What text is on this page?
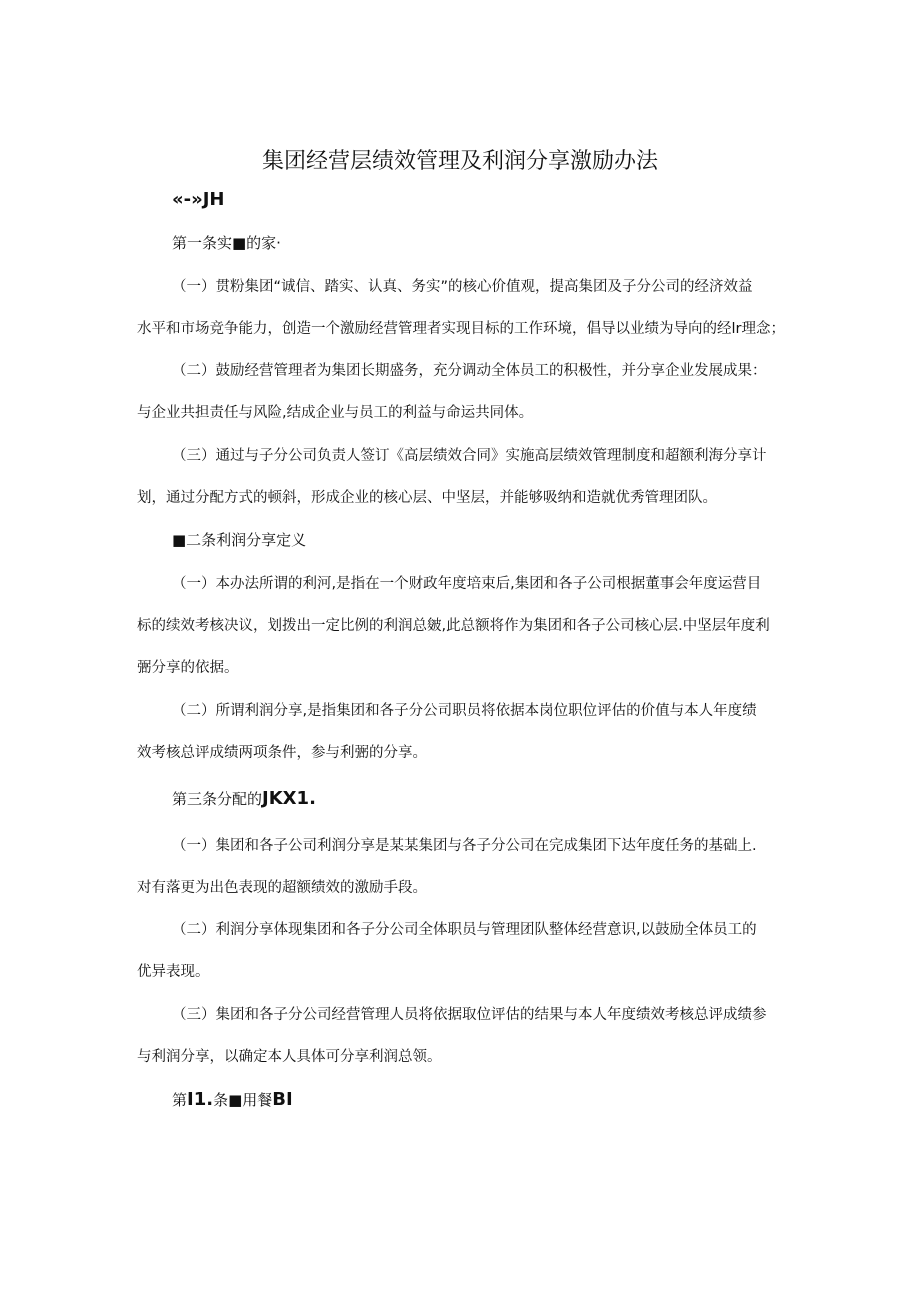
集团经营层绩效管理及利润分享激励办法
«-»JH
第一条实■的家·
（一）贯粉集团“诚信、踏实、认真、务实”的核心价值观，提高集团及子分公司的经济效益
水平和市场竞争能力，创造一个激励经营管理者实现目标的工作环境，倡导以业绩为导向的经lr理念；
（二）鼓励经营管理者为集团长期盛务，充分调动全体员工的积极性，并分享企业发展成果：
与企业共担责任与风险,结成企业与员工的利益与命运共同体。
（三）通过与子分公司负责人签订《高层绩效合同》实施高层绩效管理制度和超额利海分享计
划，通过分配方式的顿斜，形成企业的核心层、中坚层，并能够吸纳和造就优秀管理团队。
■二条利润分享定义
（一）本办法所谓的利河,是指在一个财政年度培束后,集团和各子公司根据董事会年度运营目
标的续效考核决议，划拨出一定比例的利润总皴,此总额将作为集团和各子公司核心层.中坚层年度利
弻分享的依据。
（二）所谓利润分享,是指集团和各子分公司职员将依据本岗位职位评估的价值与本人年度绩
效考核总评成绩两项条件，参与利弻的分享。
第三条分配的JKX1.
（一）集团和各子公司利润分享是某某集团与各子分公司在完成集团下达年度任务的基础上.
对有落更为出色表现的超额绩效的激励手段。
（二）利润分享体现集团和各子分公司全体职员与管理团队整体经营意识,以鼓励全体员工的
优异表现。
（三）集团和各子分公司经营管理人员将依据取位评估的结果与本人年度绩效考核总评成绩参
与利润分享，以确定本人具体可分享利润总领。
第I1.条■用餐BI
